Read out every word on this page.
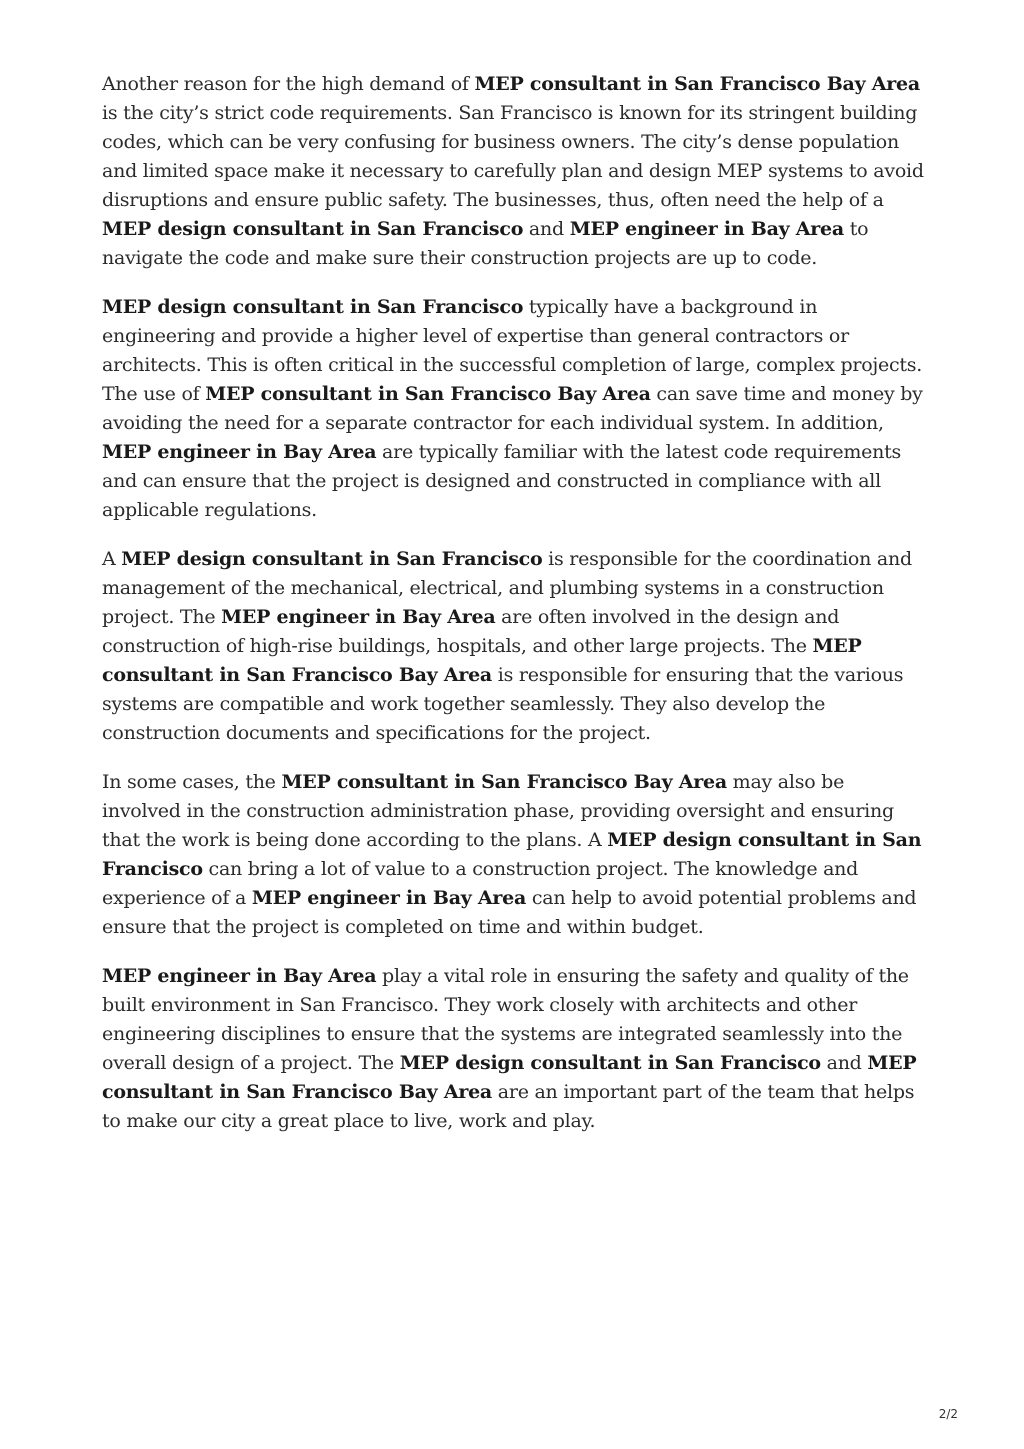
Another reason for the high demand of MEP consultant in San Francisco Bay Area is the city’s strict code requirements. San Francisco is known for its stringent building codes, which can be very confusing for business owners. The city’s dense population and limited space make it necessary to carefully plan and design MEP systems to avoid disruptions and ensure public safety. The businesses, thus, often need the help of a MEP design consultant in San Francisco and MEP engineer in Bay Area to navigate the code and make sure their construction projects are up to code.

MEP design consultant in San Francisco typically have a background in engineering and provide a higher level of expertise than general contractors or architects. This is often critical in the successful completion of large, complex projects. The use of MEP consultant in San Francisco Bay Area can save time and money by avoiding the need for a separate contractor for each individual system. In addition, MEP engineer in Bay Area are typically familiar with the latest code requirements and can ensure that the project is designed and constructed in compliance with all applicable regulations.

A MEP design consultant in San Francisco is responsible for the coordination and management of the mechanical, electrical, and plumbing systems in a construction project. The MEP engineer in Bay Area are often involved in the design and construction of high-rise buildings, hospitals, and other large projects. The MEP consultant in San Francisco Bay Area is responsible for ensuring that the various systems are compatible and work together seamlessly. They also develop the construction documents and specifications for the project.

In some cases, the MEP consultant in San Francisco Bay Area may also be involved in the construction administration phase, providing oversight and ensuring that the work is being done according to the plans. A MEP design consultant in San Francisco can bring a lot of value to a construction project. The knowledge and experience of a MEP engineer in Bay Area can help to avoid potential problems and ensure that the project is completed on time and within budget.

MEP engineer in Bay Area play a vital role in ensuring the safety and quality of the built environment in San Francisco. They work closely with architects and other engineering disciplines to ensure that the systems are integrated seamlessly into the overall design of a project. The MEP design consultant in San Francisco and MEP consultant in San Francisco Bay Area are an important part of the team that helps to make our city a great place to live, work and play.

2/2
